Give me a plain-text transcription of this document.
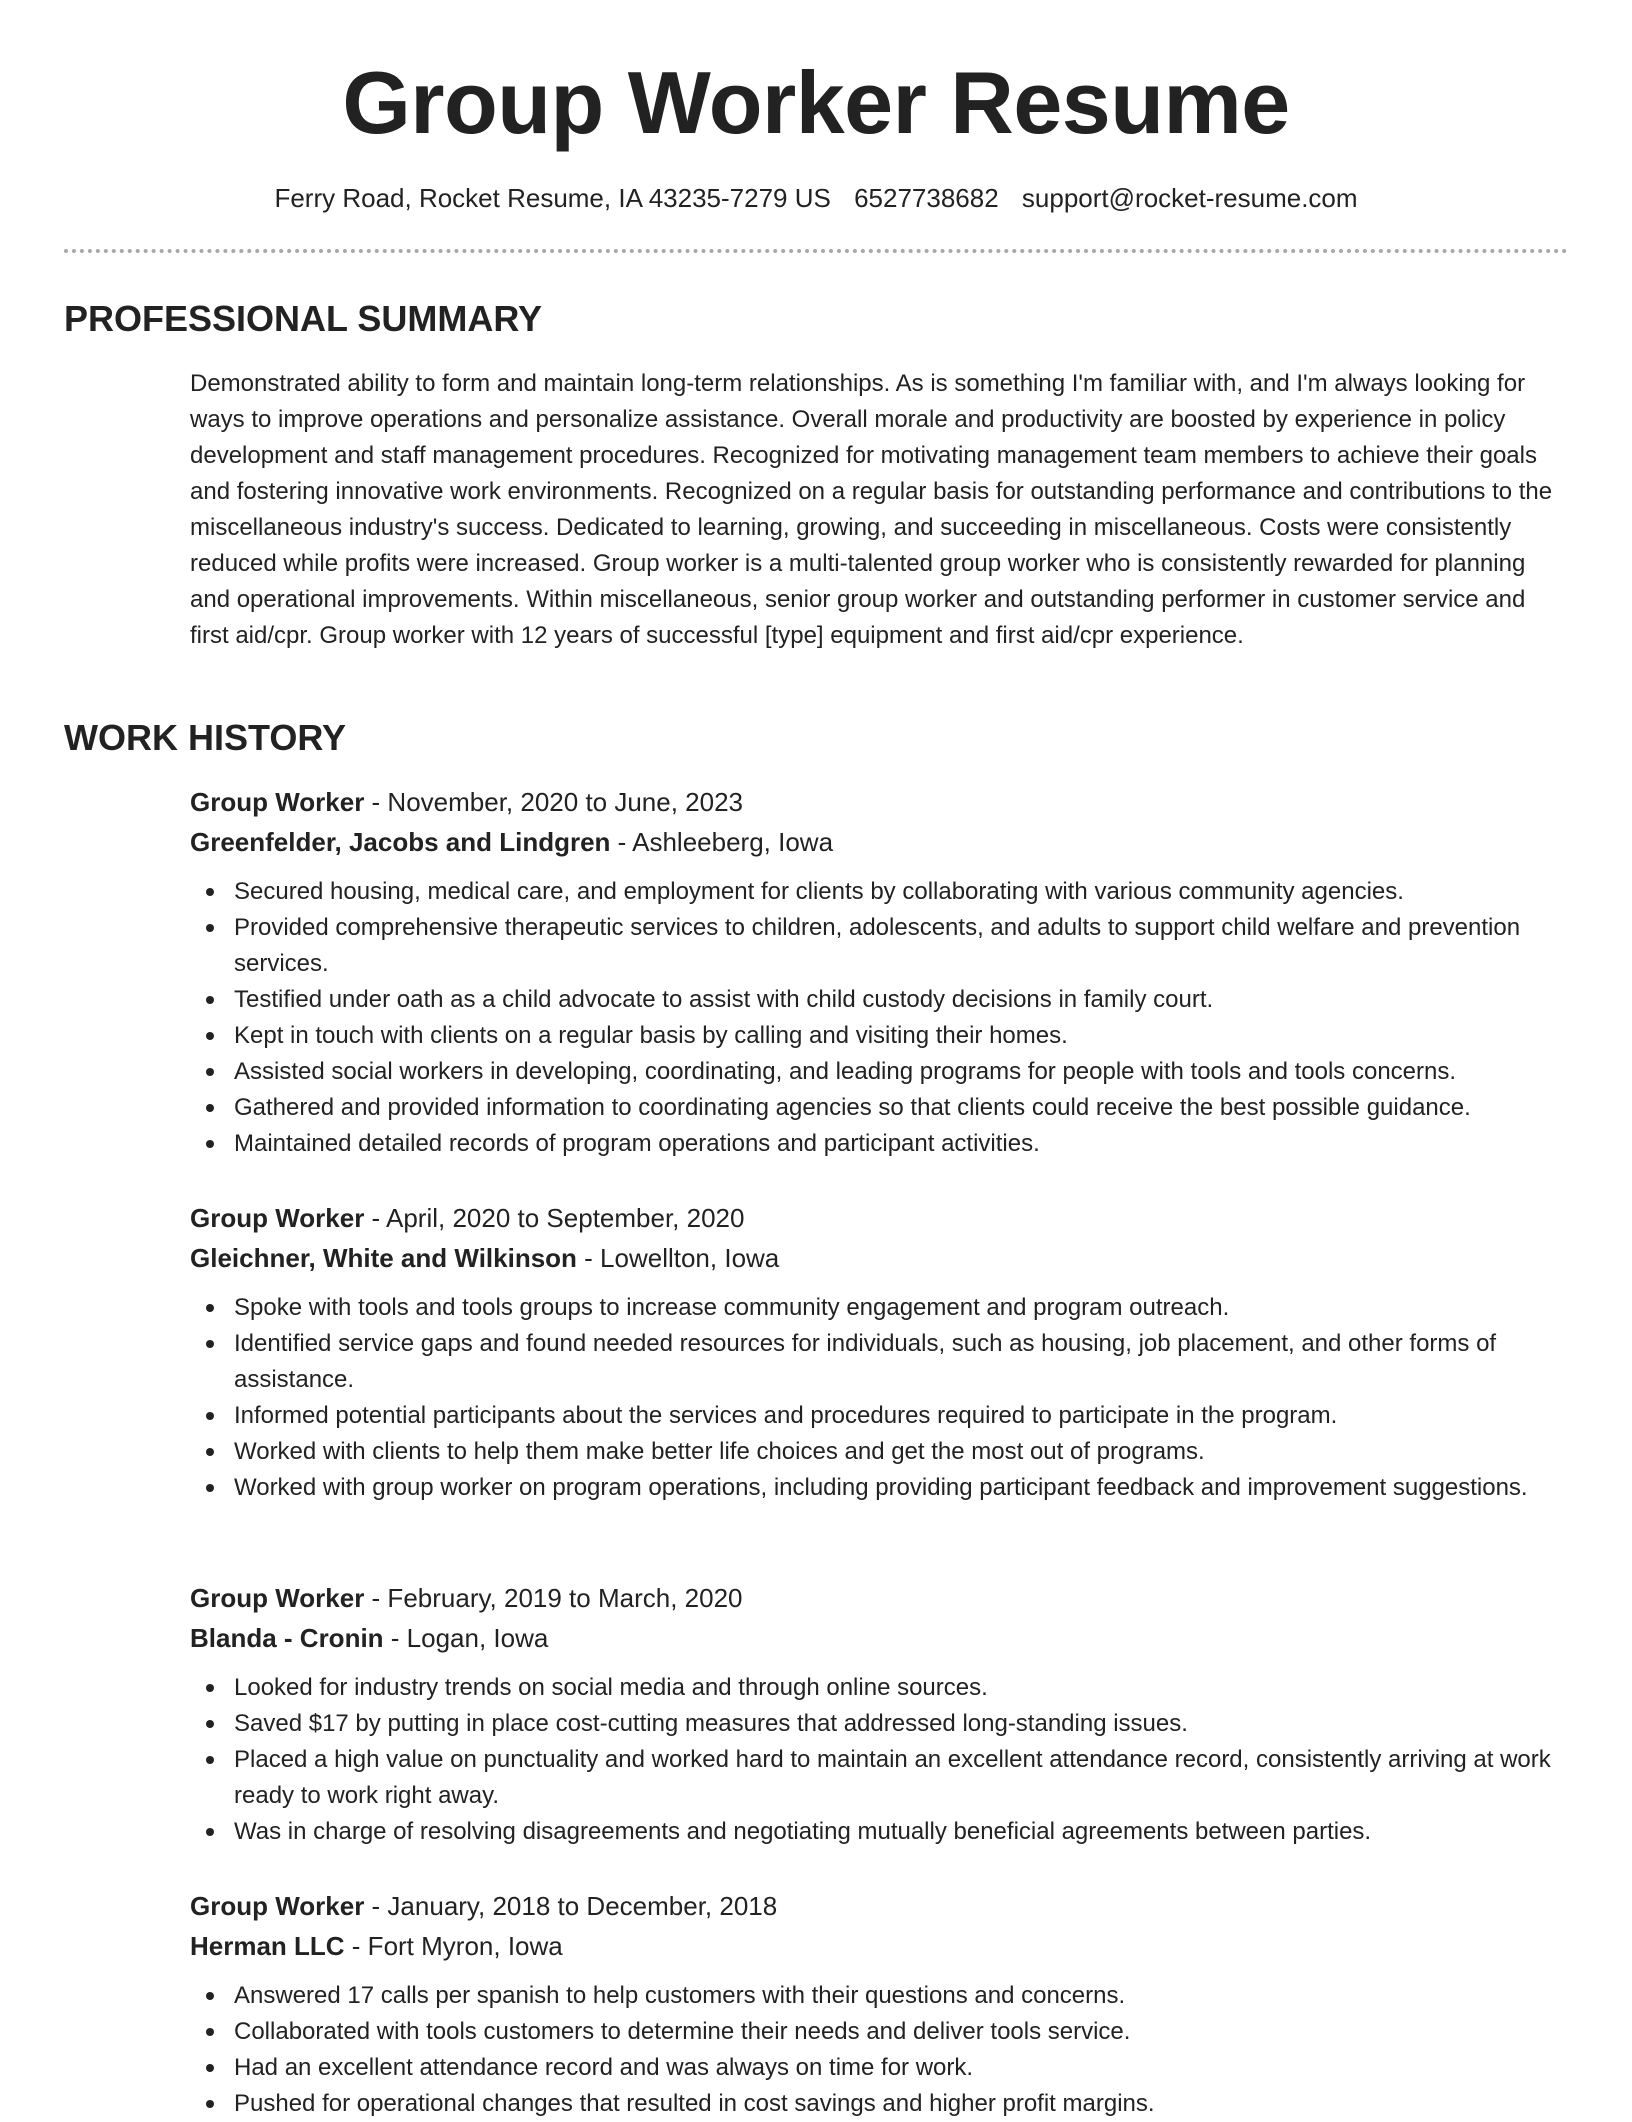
Group Worker Resume
Ferry Road, Rocket Resume, IA 43235-7279 US 6527738682 support@rocket-resume.com
PROFESSIONAL SUMMARY

Demonstrated ability to form and maintain long-term relationships. As is something I'm familiar with, and I'm always looking for ways to improve operations and personalize assistance. Overall morale and productivity are boosted by experience in policy development and staff management procedures. Recognized for motivating management team members to achieve their goals and fostering innovative work environments. Recognized on a regular basis for outstanding performance and contributions to the miscellaneous industry's success. Dedicated to learning, growing, and succeeding in miscellaneous. Costs were consistently reduced while profits were increased. Group worker is a multi-talented group worker who is consistently rewarded for planning and operational improvements. Within miscellaneous, senior group worker and outstanding performer in customer service and first aid/cpr. Group worker with 12 years of successful [type] equipment and first aid/cpr experience.

WORK HISTORY
Group Worker - November, 2020 to June, 2023
Greenfelder, Jacobs and Lindgren - Ashleeberg, Iowa
Secured housing, medical care, and employment for clients by collaborating with various community agencies.
Provided comprehensive therapeutic services to children, adolescents, and adults to support child welfare and prevention services.
Testified under oath as a child advocate to assist with child custody decisions in family court.
Kept in touch with clients on a regular basis by calling and visiting their homes.
Assisted social workers in developing, coordinating, and leading programs for people with tools and tools concerns.
Gathered and provided information to coordinating agencies so that clients could receive the best possible guidance.
Maintained detailed records of program operations and participant activities.
Group Worker - April, 2020 to September, 2020
Gleichner, White and Wilkinson - Lowellton, Iowa
Spoke with tools and tools groups to increase community engagement and program outreach.
Identified service gaps and found needed resources for individuals, such as housing, job placement, and other forms of assistance.
Informed potential participants about the services and procedures required to participate in the program.
Worked with clients to help them make better life choices and get the most out of programs.
Worked with group worker on program operations, including providing participant feedback and improvement suggestions.
Group Worker - February, 2019 to March, 2020
Blanda - Cronin - Logan, Iowa
Looked for industry trends on social media and through online sources.
Saved $17 by putting in place cost-cutting measures that addressed long-standing issues.
Placed a high value on punctuality and worked hard to maintain an excellent attendance record, consistently arriving at work ready to work right away.
Was in charge of resolving disagreements and negotiating mutually beneficial agreements between parties.
Group Worker - January, 2018 to December, 2018
Herman LLC - Fort Myron, Iowa
Answered 17 calls per spanish to help customers with their questions and concerns.
Collaborated with tools customers to determine their needs and deliver tools service.
Had an excellent attendance record and was always on time for work.
Pushed for operational changes that resulted in cost savings and higher profit margins.
